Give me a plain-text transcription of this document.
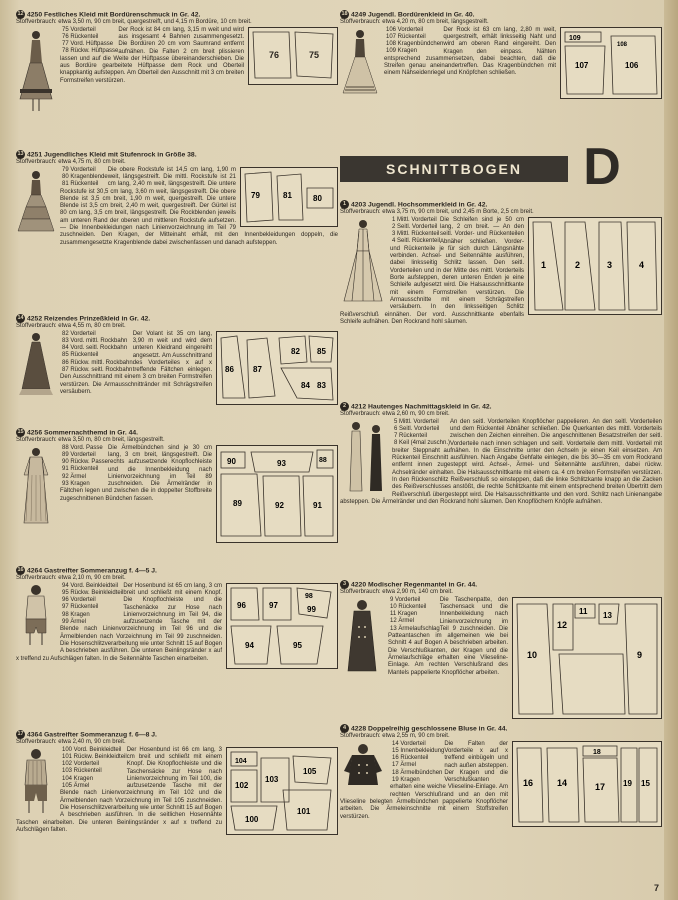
12 4250 Festliches Kleid mit Bordürenschmuck in Gr. 42.
Stoffverbrauch: etwa 3,50 m, 90 cm breit, quergestreift, und 4,15 m Bordüre, 10 cm breit.
76	75
75 Vorderteil
76 Rückenteil
77 Vord. Hüftpasse
78 Rückw. Hüftpasse
Der Rock ist 84 cm lang, 3,15 m weit und wird aus insgesamt 4 Bahnen zusammengesetzt. Die Bordüren 20 cm vom Saumrand entfernt aufnähen. Die Falten 2 cm breit plissieren lassen und auf die Weite der Hüftpasse übereinanderschieben. Die aus Bordüre gearbeitete Hüftpasse dem Rock und Oberteil knappkantig aufsteppen. Am Oberteil den Ausschnitt mit 3 cm breiten Formstreifen verstürzen.
13 4251 Jugendliches Kleid mit Stufenrock in Größe 38.
Stoffverbrauch: etwa 4,75 m, 80 cm breit.
79	81	80
79 Vorderteil
80 Kragenblende
81 Rückenteil
Die obere Rockstufe ist 14,5 cm lang, 1,90 m weit, längsgestreift. Die mittl. Rockstufe ist 21 cm lang, 2,40 m weit, längsgestreift. Die untere Rockstufe ist 30,5 cm lang, 3,60 m weit, längsgestreift. Die obere Blende ist 3,5 cm breit, 1,90 m weit, quergestreift. Die untere Blende ist 3,5 cm breit, 2,40 m weit, quergestreift. Der Gürtel ist 80 cm lang, 3,5 cm breit, längsgestreift. Die Rockblenden jeweils am unteren Rand der oberen und mittleren Rockstufe aufsetzen. — Die Innenbekleidungen nach Linienvorzeichnung im Teil 79 zuschneiden. Den Kragen, der Mitteinaht erhält, mit den Innenbekleidungen doppeln, die zusammengesetzte Kragenblende dabei zwischenfassen und danach aufsteppen.
14 4252 Reizendes Prinzeßkleid in Gr. 42.
Stoffverbrauch: etwa 4,55 m, 80 cm breit.
82 85
86 87
84 83
82 Vorderteil
83 Vord. mittl. Rockbahn
84 Vord. seitl. Rockbahn
85 Rückenteil
86 Rückw. mittl. Rockbahn
87 Rückw. seitl. Rockbahn
Der Volant ist 35 cm lang, 3,90 m weit und wird dem unteren Kleidrand eingereiht angesetzt. Am Ausschnittrand des Vorderteiles x auf x treffende Fältchen einlegen. Den Ausschnittrand mit einem 3 cm breiten Formstreifen verstürzen. Die Armausschnittränder mit Schrägstreifen versäubern.
15 4256 Sommernachthemd in Gr. 44.
Stoffverbrauch: etwa 3,50 m, 80 cm breit, längsgestreift.
90	88
93
89	92	91
88 Vord. Passe
89 Vorderteil
90 Rückw. Passe
91 Rückenteil
92 Ärmel
93 Kragen
Die Ärmelbündchen sind je 30 cm lang, 3 cm breit, längsgestreift. Die rechts aufzusetzende Knopflochleiste und die Innenbekleidung nach Linienvorzeichnung im Teil 89 zuschneiden. Die Ärmelränder in Fältchen legen und zwischen die in doppelter Stoffbreite zugeschnittenen Bündchen fassen.
16 4264 Gastreifter Sommeranzug f. 4—5 J.
Stoffverbrauch: etwa 2,10 m, 90 cm breit.
96	97
98
99
94	95
94 Vord. Beinkleidteil
95 Rückw. Beinkleidteil
96 Vorderteil
97 Rückenteil
98 Kragen
99 Ärmel
Der Hosenbund ist 65 cm lang, 3 cm breit und schließt mit einem Knopf. Die Knopflochleiste und die Taschenäcke zur Hose nach Linienvorzeichnung im Teil 94, die aufzusetzende Tasche mit der Blende nach Linienvorzeichnung im Teil 96 und die Ärmelblenden nach Vorzeichnung im Teil 99 zuschneiden. Die Hosenschlitzverarbeitung wie unter Schnitt 15 auf Bogen A beschrieben ausführen. Die unteren Beinlingsränder x auf x treffend zu Aufschlägen falten. In die Seitennähte Taschen einarbeiten.
17 4364 Gastreifter Sommeranzug f. 6—8 J.
Stoffverbrauch: etwa 2,40 m, 90 cm breit.
104
102
103
105
100
101
100 Vord. Beinkleidteil
101 Rückw. Beinkleidteil
102 Vorderteil
103 Rückenteil
104 Kragen
105 Ärmel
Der Hosenbund ist 66 cm lang, 3 cm breit und schließt mit einem Knopf. Die Knopflochleiste und die Taschensäcke zur Hose nach Linienvorzeichnung im Teil 100, die aufzusetzende Tasche mit der Blende nach Linienvorzeichnung im Teil 102 und die Ärmelblenden nach Vorzeichnung im Teil 105 zuschneiden. Die Hosenschlitzverarbeitung wie unter Schnitt 15 auf Bogen A beschrieben ausführen. In die seitlichen Hosennähte Taschen einarbeiten. Die unteren Beinlingsränder x auf x treffend zu Aufschlägen falten.
18 4249 Jugendl. Bordürenkleid in Gr. 40.
Stoffverbrauch: etwa 4,20 m, 80 cm breit, längsgestreift.
109
107	106
108
106 Vorderteil
107 Rückenteil
108 Kragenbündchen
109 Kragen
Der Rock ist 63 cm lang, 2,80 m weit, quergestreift, erhält linksseitig Naht und wird am oberen Rand eingereiht. Den Kragen den einpass. Nähten entsprechend zusammensetzen, dabei beachten, daß die Streifen genau aneinandertreffen. Das Kragenbündchen mit einem Nähseidenriegel und Knöpfchen schließen.
1 4203 Jugendl. Hochsommerkleid in Gr. 42.
Stoffverbrauch: etwa 3,75 m, 90 cm breit, und 2,45 m Borte, 2,5 cm breit.
1	2	3	4
1 Mittl. Vorderteil
2 Seitl. Vorderteil
3 Mittl. Rückenteil
4 Seitl. Rückenteil
Die Schleifen sind je 50 cm lang, 2 cm breit. — An den seitl. Vorder- und Rückenteilen Abnäher schließen. Vorder- und Rückenteile je für sich durch Längsnähte verbinden. Achsel- und Seitennähte ausführen, dabei linksseitig Schlitz lassen. Den seitl. Vorderteilen und in der Mitte des mittl. Vorderteils Borte aufsteppen, deren unteren Enden je eine Schleife aufgesetzt wird. Die Halsausschnittkante mit einem Formstreifen verstürzen. Die Armausschnitte mit einem Schrägstreifen versäubern. In den linksseitigen Schlitz Reißverschluß einnähen. Der vord. Ausschnittkante ebenfalls Schleife aufnähen. Den Rockrand hohl säumen.
2 4212 Hautenges Nachmittagskleid in Gr. 42.
Stoffverbrauch: etwa 2,60 m, 90 cm breit.
5 Mittl. Vorderteil
6 Seitl. Vorderteil
7 Rückenteil
8 Keil (4mal zuschn.)
An den seitl. Vorderteilen Knopflöcher pappelieren. An den seitl. Vorderteilen und dem Rückenteil Abnäher schließen. Die Querkanten des mittl. Vorderteils zwischen den Zeichen einreihen. Die angeschnittenen Besatzstreifen der seitl. Vorderteile nach innen schlagen und seitl. Vorderteile dem mittl. Vorderteil mit breiter Steppnaht aufnähen. In die Einschnitte unter den Achseln je einen Keil einsetzen. Am Rückenteil Einschnitt ausführen. Nach Angabe Gehfalte einlegen, die bis 30—35 cm vom Rockrand entfernt innen zugesteppt wird. Achsel-, Ärmel- und Seitennähte ausführen, dabei rückw. Achselränder einhalten. Die Halsausschnittkante mit einem ca. 4 cm breiten Formstreifen verstürzen. In den Rückenschlitz Reißverschluß so einsteppen, daß die linke Schlitzkante knapp an die Zacken des Reißverschlusses anstößt, die rechte Schlitzkante mit einem entsprechend breiten Übertritt dem Reißverschluß übergesteppt wird. Die Halsausschnittkante und den vord. Schlitz nach Linienangabe absteppen. Die Ärmelränder und den Rockrand hohl säumen. Den Knopflöchern Knöpfe aufnähen.
3 4220 Modischer Regenmantel in Gr. 44.
Stoffverbrauch: etwa 2,90 m, 140 cm breit.
10
12
11 13
9
9 Vorderteil
10 Rückenteil
11 Kragen
12 Ärmel
13 Ärmelaufschlag
Die Taschenpatte, den Taschensack und die Innenbekleidung nach Linienvorzeichnung im Teil 9 zuschneiden. Die Patteantaschen im allgemeinen wie bei Schnitt 4 auf Bogen A beschrieben arbeiten. Die Verschlußkanten, der Kragen und die Ärmelaufschläge erhalten eine Vlieseline-Einlage. Am rechten Verschlußrand des Mantels pappelierte Knopflöcher arbeiten.
4 4228 Doppelreihig geschlossene Bluse in Gr. 44.
Stoffverbrauch: etwa 2,55 m, 90 cm breit.
16	14	17
18
19 15
14 Vorderteil
15 Innenbekleidung
16 Rückenteil
17 Ärmel
18 Ärmelbündchen
19 Kragen
Die Falten der Vorderteile x auf x treffend einbügeln und nach außen absteppen. Der Kragen und die Verschlußkanten erhalten eine weiche Vlieseline-Einlage. Am rechten Verschlußrand und an den mit Vlieseline belegten Ärmelbündchen pappelierte Knopflöcher arbeiten. Die Ärmeleinschnitte mit einem Stoffstreifen verstürzen.
SCHNITTBOGEN	D
7
